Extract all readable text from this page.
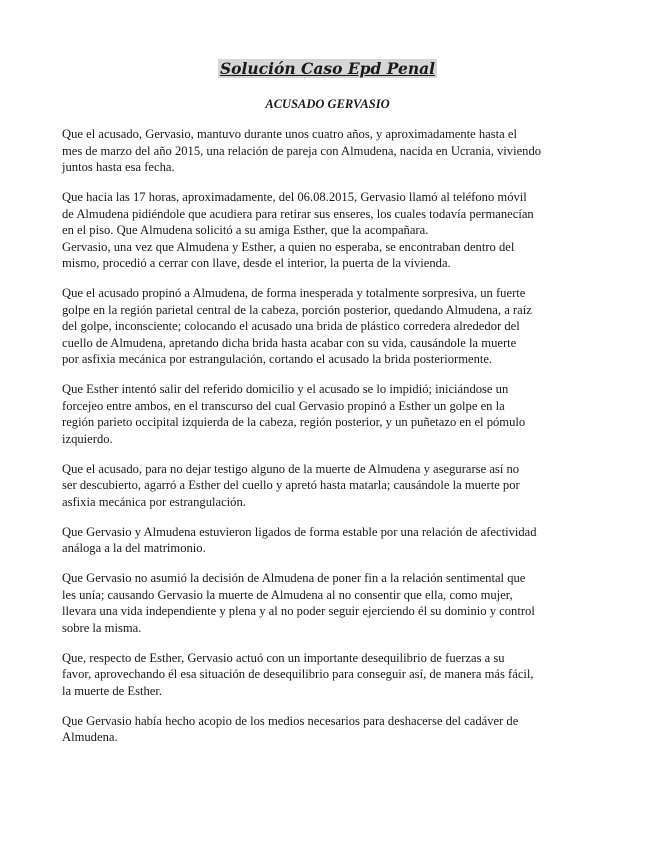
Solución Caso Epd Penal
ACUSADO GERVASIO

Que el acusado, Gervasio, mantuvo durante unos cuatro años, y aproximadamente hasta el
mes de marzo del año 2015, una relación de pareja con Almudena, nacida en Ucrania, viviendo
juntos hasta esa fecha.

Que hacia las 17 horas, aproximadamente, del 06.08.2015, Gervasio llamó al teléfono móvil
de Almudena pidiéndole que acudiera para retirar sus enseres, los cuales todavía permanecían
en el piso. Que Almudena solicitó a su amiga Esther, que la acompañara.
Gervasio, una vez que Almudena y Esther, a quien no esperaba, se encontraban dentro del
mismo, procedió a cerrar con llave, desde el interior, la puerta de la vivienda.

Que el acusado propinó a Almudena, de forma inesperada y totalmente sorpresiva, un fuerte
golpe en la región parietal central de la cabeza, porción posterior, quedando Almudena, a raíz
del golpe, inconsciente; colocando el acusado una brida de plástico corredera alrededor del
cuello de Almudena, apretando dicha brida hasta acabar con su vida, causándole la muerte
por asfixia mecánica por estrangulación, cortando el acusado la brida posteriormente.

Que Esther intentó salir del referido domicilio y el acusado se lo impidió; iniciándose un
forcejeo entre ambos, en el transcurso del cual Gervasio propinó a Esther un golpe en la
región parieto occipital izquierda de la cabeza, región posterior, y un puñetazo en el pómulo
izquierdo.

Que el acusado, para no dejar testigo alguno de la muerte de Almudena y asegurarse así no
ser descubierto, agarró a Esther del cuello y apretó hasta matarla; causándole la muerte por
asfixia mecánica por estrangulación.

Que Gervasio y Almudena estuvieron ligados de forma estable por una relación de afectividad
análoga a la del matrimonio.

Que Gervasio no asumió la decisión de Almudena de poner fin a la relación sentimental que
les unía; causando Gervasio la muerte de Almudena al no consentir que ella, como mujer,
llevara una vida independiente y plena y al no poder seguir ejerciendo él su dominio y control
sobre la misma.

Que, respecto de Esther, Gervasio actuó con un importante desequilibrio de fuerzas a su
favor, aprovechando él esa situación de desequilibrio para conseguir así, de manera más fácil,
la muerte de Esther.

Que Gervasio había hecho acopio de los medios necesarios para deshacerse del cadáver de
Almudena.
